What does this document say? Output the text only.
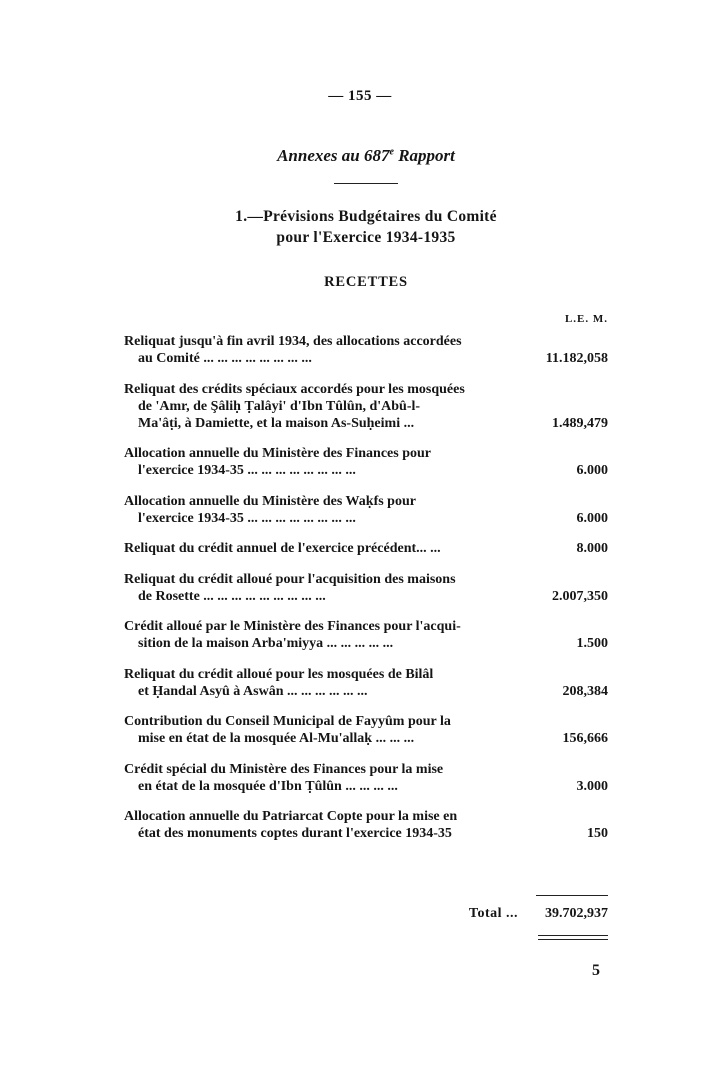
— 155 —
Annexes au 687e Rapport
1.—Prévisions Budgétaires du Comité
pour l'Exercice 1934-1935
RECETTES
L.E. M.
Reliquat jusqu'à fin avril 1934, des allocations accordées
au Comité ... ... ... ... ... ... ... ...	11.182,058
Reliquat des crédits spéciaux accordés pour les mosquées
de 'Amr, de Şâliḥ Ṭalâyi' d'Ibn Tûlûn, d'Abû-l-
Ma'âṭi, à Damiette, et la maison As-Suḥeimi ...	1.489,479
Allocation annuelle du Ministère des Finances pour
l'exercice 1934-35 ... ... ... ... ... ... ... ...	6.000
Allocation annuelle du Ministère des Waḳfs pour
l'exercice 1934-35 ... ... ... ... ... ... ... ...	6.000
Reliquat du crédit annuel de l'exercice précédent... ...	8.000
Reliquat du crédit alloué pour l'acquisition des maisons
de Rosette ... ... ... ... ... ... ... ... ...	2.007,350
Crédit alloué par le Ministère des Finances pour l'acqui-
sition de la maison Arba'miyya ... ... ... ... ...	1.500
Reliquat du crédit alloué pour les mosquées de Bilâl
et Ḥandal Asyû à Aswân ... ... ... ... ... ...	208,384
Contribution du Conseil Municipal de Fayyûm pour la
mise en état de la mosquée Al-Mu'allaḳ ... ... ...	156,666
Crédit spécial du Ministère des Finances pour la mise
en état de la mosquée d'Ibn Ṭûlûn ... ... ... ...	3.000
Allocation annuelle du Patriarcat Copte pour la mise en
état des monuments coptes durant l'exercice 1934-35	150
Total ...	39.702,937
5
